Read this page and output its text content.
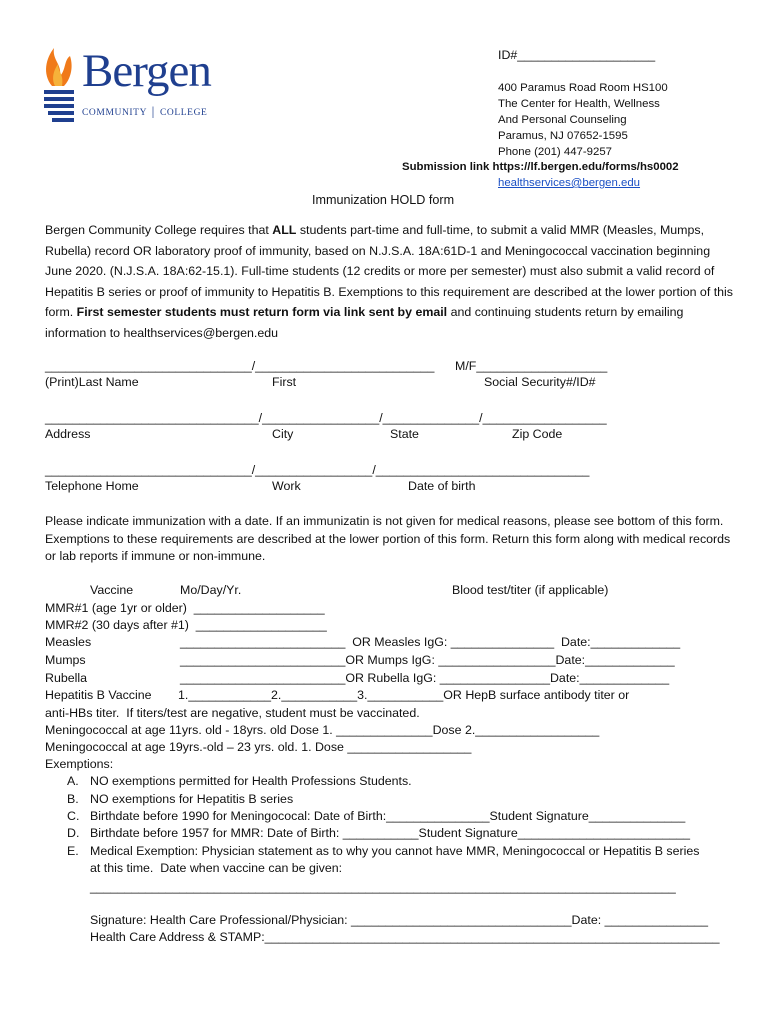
Bergen
COMMUNITY │ COLLEGE
ID#____________________
400 Paramus Road Room HS100
The Center for Health, Wellness
And Personal Counseling
Paramus, NJ 07652-1595
Phone (201) 447-9257
Submission link https://lf.bergen.edu/forms/hs0002
healthservices@bergen.edu
Immunization HOLD form
Bergen Community College requires that ALL students part-time and full-time, to submit a valid MMR (Measles, Mumps, Rubella) record OR laboratory proof of immunity, based on N.J.S.A. 18A:61D-1 and Meningococcal vaccination beginning June 2020. (N.J.S.A. 18A:62-15.1). Full-time students (12 credits or more per semester) must also submit a valid record of Hepatitis B series or proof of immunity to Hepatitis B. Exemptions to this requirement are described at the lower portion of this form. First semester students must return form via link sent by email and continuing students return by emailing information to healthservices@bergen.edu
______________________________/__________________________      M/F___________________
(Print)Last Name	First	Social Security#/ID#
_______________________________/_________________/______________/__________________
Address	City	State	Zip Code
______________________________/_________________/_______________________________
Telephone Home	Work	Date of birth
Please indicate immunization with a date. If an immunizatin is not given for medical reasons, please see bottom of this form. Exemptions to these requirements are described at the lower portion of this form. Return this form along with medical records or lab reports if immune or non-immune.
Vaccine	Mo/Day/Yr.	Blood test/titer (if applicable)
MMR#1 (age 1yr or older)  ___________________
MMR#2 (30 days after #1)  ___________________
Measles	________________________  OR Measles IgG: _______________  Date:_____________
Mumps	________________________OR Mumps IgG: _________________Date:_____________
Rubella	________________________OR Rubella IgG: ________________Date:_____________
Hepatitis B Vaccine 1.____________2.___________3.___________OR HepB surface antibody titer or
anti-HBs titer.  If titers/test are negative, student must be vaccinated.
Meningococcal at age 11yrs. old - 18yrs. old Dose 1. ______________Dose 2.__________________
Meningococcal at age 19yrs.-old – 23 yrs. old. 1. Dose __________________
Exemptions:
A. NO exemptions permitted for Health Professions Students.
B. NO exemptions for Hepatitis B series
C. Birthdate before 1990 for Meningococal: Date of Birth:_______________Student Signature______________
D. Birthdate before 1957 for MMR: Date of Birth: ___________Student Signature_________________________
E. Medical Exemption: Physician statement as to why you cannot have MMR, Meningococcal or Hepatitis B series
at this time.  Date when vaccine can be given:
_____________________________________________________________________________________
Signature: Health Care Professional/Physician: ________________________________Date: _______________
Health Care Address & STAMP:__________________________________________________________________
